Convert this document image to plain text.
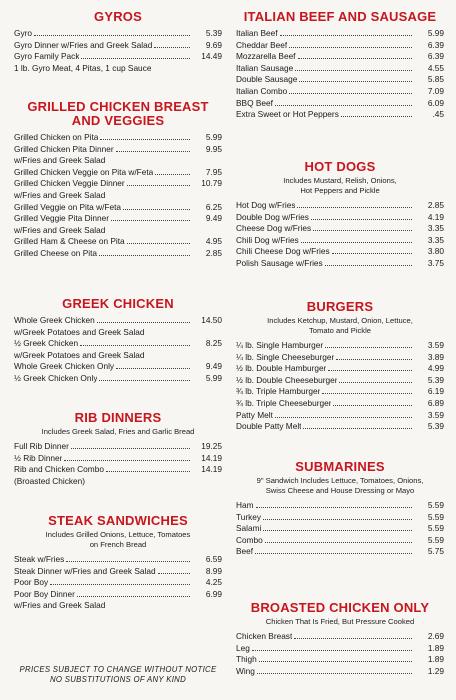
GYROS
Gyro	5.39
Gyro Dinner w/Fries and Greek Salad	9.69
Gyro Family Pack	14.49
1 lb. Gyro Meat, 4 Pitas, 1 cup Sauce
GRILLED CHICKEN BREAST
AND VEGGIES
Grilled Chicken on Pita	5.99
Grilled Chicken Pita Dinner	9.95
w/Fries and Greek Salad
Grilled Chicken Veggie on Pita w/Feta	7.95
Grilled Chicken Veggie Dinner	10.79
w/Fries and Greek Salad
Grilled Veggie on Pita w/Feta	6.25
Grilled Veggie Pita Dinner	9.49
w/Fries and Greek Salad
Grilled Ham & Cheese on Pita	4.95
Grilled Cheese on Pita	2.85
GREEK CHICKEN
Whole Greek Chicken	14.50
w/Greek Potatoes and Greek Salad
½ Greek Chicken	8.25
w/Greek Potatoes and Greek Salad
Whole Greek Chicken Only	9.49
½ Greek Chicken Only	5.99
RIB DINNERS
Includes Greek Salad, Fries and Garlic Bread
Full Rib Dinner	19.25
½ Rib Dinner	14.19
Rib and Chicken Combo	14.19
(Broasted Chicken)
STEAK SANDWICHES
Includes Grilled Onions, Lettuce, Tomatoes
on French Bread
Steak w/Fries	6.59
Steak Dinner w/Fries and Greek Salad	8.99
Poor Boy	4.25
Poor Boy Dinner	6.99
w/Fries and Greek Salad
ITALIAN BEEF AND SAUSAGE
Italian Beef	5.99
Cheddar Beef	6.39
Mozzarella Beef	6.39
Italian Sausage	4.55
Double Sausage	5.85
Italian Combo	7.09
BBQ Beef	6.09
Extra Sweet or Hot Peppers	.45
HOT DOGS
Includes Mustard, Relish, Onions,
Hot Peppers and Pickle
Hot Dog w/Fries	2.85
Double Dog w/Fries	4.19
Cheese Dog w/Fries	3.35
Chili Dog w/Fries	3.35
Chili Cheese Dog w/Fries	3.80
Polish Sausage w/Fries	3.75
BURGERS
Includes Ketchup, Mustard, Onion, Lettuce,
Tomato and Pickle
¼ lb. Single Hamburger	3.59
¼ lb. Single Cheeseburger	3.89
½ lb. Double Hamburger	4.99
½ lb. Double Cheeseburger	5.39
¾ lb. Triple Hamburger	6.19
¾ lb. Triple Cheeseburger	6.89
Patty Melt	3.59
Double Patty Melt	5.39
SUBMARINES
9" Sandwich Includes Lettuce, Tomatoes, Onions,
Swiss Cheese and House Dressing or Mayo
Ham	5.59
Turkey	5.59
Salami	5.59
Combo	5.59
Beef	5.75
BROASTED CHICKEN ONLY
Chicken That Is Fried, But Pressure Cooked
Chicken Breast	2.69
Leg	1.89
Thigh	1.89
Wing	1.29
PRICES SUBJECT TO CHANGE WITHOUT NOTICE
NO SUBSTITUTIONS OF ANY KIND
